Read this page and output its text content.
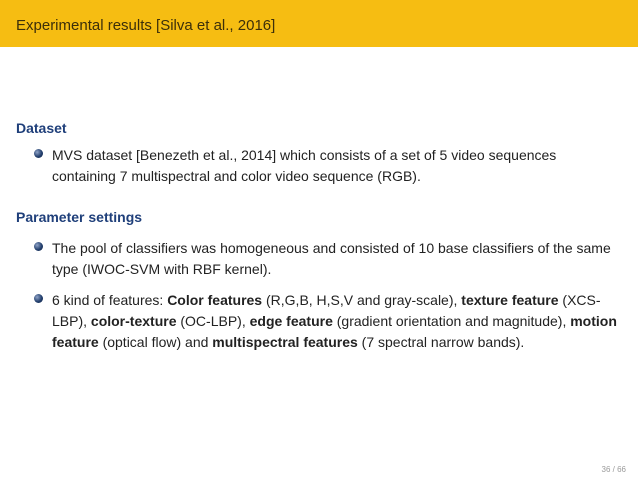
Experimental results [Silva et al., 2016]
Dataset
MVS dataset [Benezeth et al., 2014] which consists of a set of 5 video sequences containing 7 multispectral and color video sequence (RGB).
Parameter settings
The pool of classifiers was homogeneous and consisted of 10 base classifiers of the same type (IWOC-SVM with RBF kernel).
6 kind of features: Color features (R,G,B, H,S,V and gray-scale), texture feature (XCS-LBP), color-texture (OC-LBP), edge feature (gradient orientation and magnitude), motion feature (optical flow) and multispectral features (7 spectral narrow bands).
36 / 66
